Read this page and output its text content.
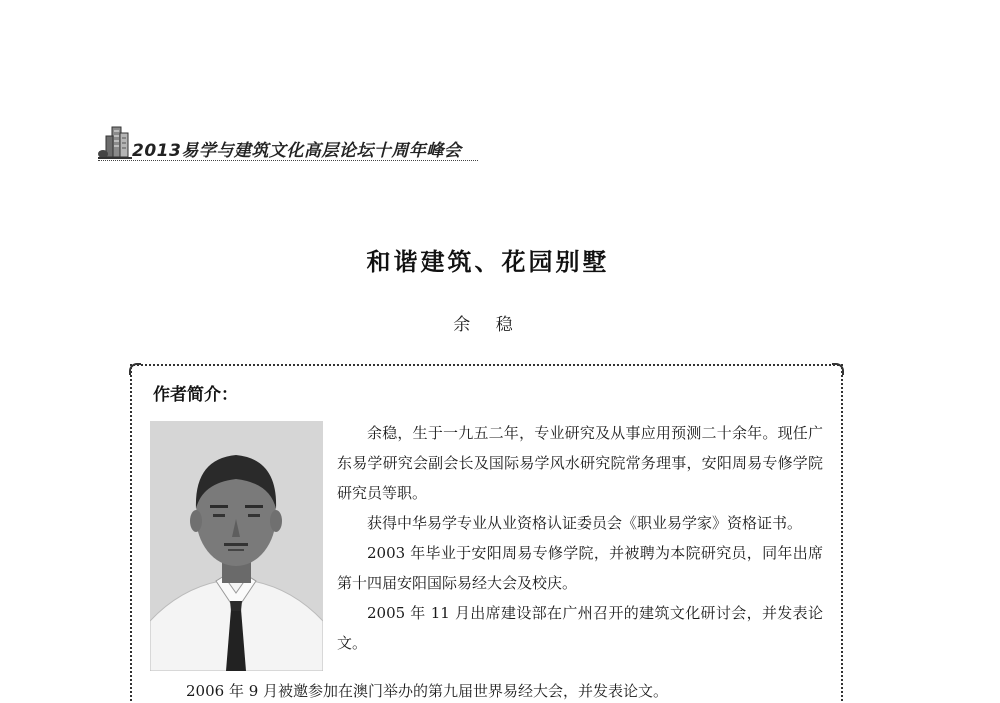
2013易学与建筑文化高层论坛十周年峰会
和谐建筑、花园别墅
余 稳
作者简介：

余稳，生于一九五二年，专业研究及从事应用预测二十余年。现任广东易学研究会副会长及国际易学风水研究院常务理事，安阳周易专修学院研究员等职。

获得中华易学专业从业资格认证委员会《职业易学家》资格证书。

2003 年毕业于安阳周易专修学院，并被聘为本院研究员，同年出席第十四届安阳国际易经大会及校庆。

2005 年 11 月出席建设部在广州召开的建筑文化研讨会，并发表论文。

2006 年 9 月被邀参加在澳门举办的第九届世界易经大会，并发表论文。
